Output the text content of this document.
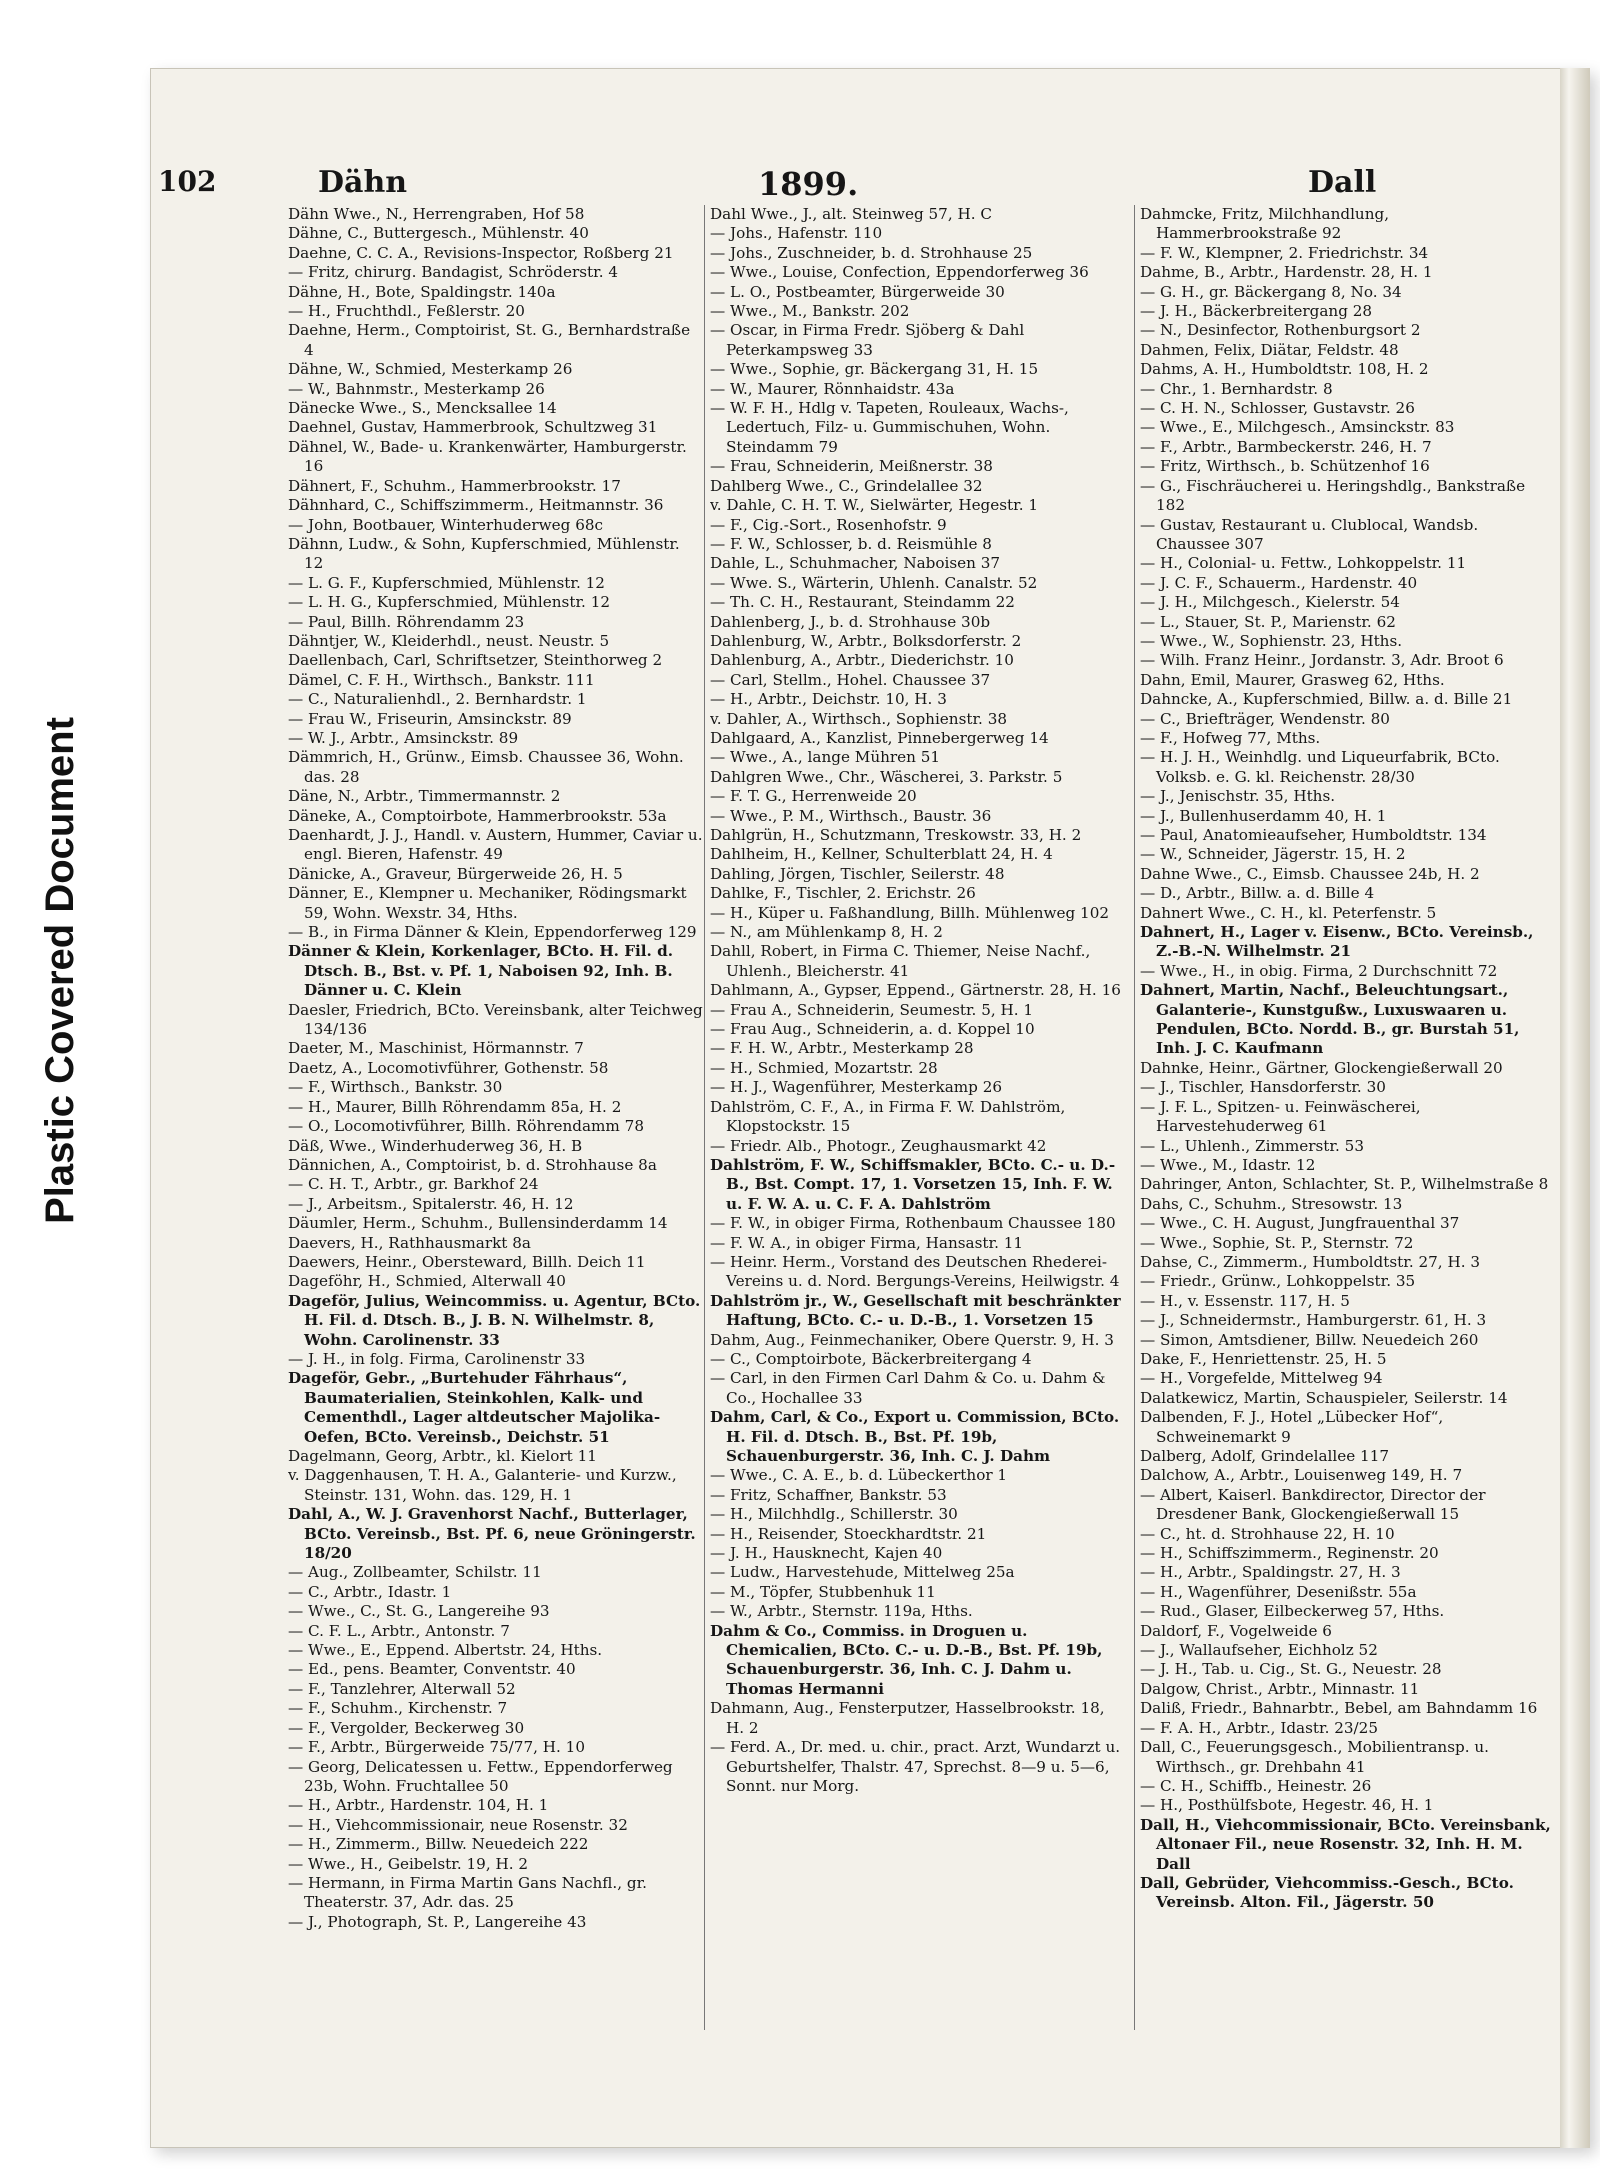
Plastic Covered Document
102	Dähn	1899.	Dall

Dähn Wwe., N., Herrengraben, Hof 58

Dähne, C., Buttergesch., Mühlenstr. 40

Daehne, C. C. A., Revisions-Inspector, Roßberg 21

— Fritz, chirurg. Bandagist, Schröderstr. 4

Dähne, H., Bote, Spaldingstr. 140a

— H., Fruchthdl., Feßlerstr. 20

Daehne, Herm., Comptoirist, St. G., Bernhardstraße 4

Dähne, W., Schmied, Mesterkamp 26

— W., Bahnmstr., Mesterkamp 26

Dänecke Wwe., S., Mencksallee 14

Daehnel, Gustav, Hammerbrook, Schultzweg 31

Dähnel, W., Bade- u. Krankenwärter, Hamburgerstr. 16

Dähnert, F., Schuhm., Hammerbrookstr. 17

Dähnhard, C., Schiffszimmerm., Heitmannstr. 36

— John, Bootbauer, Winterhuderweg 68c

Dähnn, Ludw., & Sohn, Kupferschmied, Mühlenstr. 12

— L. G. F., Kupferschmied, Mühlenstr. 12

— L. H. G., Kupferschmied, Mühlenstr. 12

— Paul, Billh. Röhrendamm 23

Dähntjer, W., Kleiderhdl., neust. Neustr. 5

Daellenbach, Carl, Schriftsetzer, Steinthorweg 2

Dämel, C. F. H., Wirthsch., Bankstr. 111

— C., Naturalienhdl., 2. Bernhardstr. 1

— Frau W., Friseurin, Amsinckstr. 89

— W. J., Arbtr., Amsinckstr. 89

Dämmrich, H., Grünw., Eimsb. Chaussee 36, Wohn. das. 28

Däne, N., Arbtr., Timmermannstr. 2

Däneke, A., Comptoirbote, Hammerbrookstr. 53a

Daenhardt, J. J., Handl. v. Austern, Hummer, Caviar u. engl. Bieren, Hafenstr. 49

Dänicke, A., Graveur, Bürgerweide 26, H. 5

Dänner, E., Klempner u. Mechaniker, Rödingsmarkt 59, Wohn. Wexstr. 34, Hths.

— B., in Firma Dänner & Klein, Eppendorferweg 129

Dänner & Klein, Korkenlager, BCto. H. Fil. d. Dtsch. B., Bst. v. Pf. 1, Naboisen 92, Inh. B. Dänner u. C. Klein

Daesler, Friedrich, BCto. Vereinsbank, alter Teichweg 134/136

Daeter, M., Maschinist, Hörmannstr. 7

Daetz, A., Locomotivführer, Gothenstr. 58

— F., Wirthsch., Bankstr. 30

— H., Maurer, Billh Röhrendamm 85a, H. 2

— O., Locomotivführer, Billh. Röhrendamm 78

Däß, Wwe., Winderhuderweg 36, H. B

Dännichen, A., Comptoirist, b. d. Strohhause 8a

— C. H. T., Arbtr., gr. Barkhof 24

— J., Arbeitsm., Spitalerstr. 46, H. 12

Däumler, Herm., Schuhm., Bullensinderdamm 14

Daevers, H., Rathhausmarkt 8a

Daewers, Heinr., Obersteward, Billh. Deich 11

Dageföhr, H., Schmied, Alterwall 40

Dageför, Julius, Weincommiss. u. Agentur, BCto. H. Fil. d. Dtsch. B., J. B. N. Wilhelmstr. 8, Wohn. Carolinenstr. 33

— J. H., in folg. Firma, Carolinenstr 33

Dageför, Gebr., „Burtehuder Fährhaus“, Baumaterialien, Steinkohlen, Kalk- und Cementhdl., Lager altdeutscher Majolika-Oefen, BCto. Vereinsb., Deichstr. 51

Dagelmann, Georg, Arbtr., kl. Kielort 11

v. Daggenhausen, T. H. A., Galanterie- und Kurzw., Steinstr. 131, Wohn. das. 129, H. 1

Dahl, A., W. J. Gravenhorst Nachf., Butterlager, BCto. Vereinsb., Bst. Pf. 6, neue Gröningerstr. 18/20

— Aug., Zollbeamter, Schilstr. 11

— C., Arbtr., Idastr. 1

— Wwe., C., St. G., Langereihe 93

— C. F. L., Arbtr., Antonstr. 7

— Wwe., E., Eppend. Albertstr. 24, Hths.

— Ed., pens. Beamter, Conventstr. 40

— F., Tanzlehrer, Alterwall 52

— F., Schuhm., Kirchenstr. 7

— F., Vergolder, Beckerweg 30

— F., Arbtr., Bürgerweide 75/77, H. 10

— Georg, Delicatessen u. Fettw., Eppendorferweg 23b, Wohn. Fruchtallee 50

— H., Arbtr., Hardenstr. 104, H. 1

— H., Viehcommissionair, neue Rosenstr. 32

— H., Zimmerm., Billw. Neuedeich 222

— Wwe., H., Geibelstr. 19, H. 2

— Hermann, in Firma Martin Gans Nachfl., gr. Theaterstr. 37, Adr. das. 25

— J., Photograph, St. P., Langereihe 43

Dahl Wwe., J., alt. Steinweg 57, H. C

— Johs., Hafenstr. 110

— Johs., Zuschneider, b. d. Strohhause 25

— Wwe., Louise, Confection, Eppendorferweg 36

— L. O., Postbeamter, Bürgerweide 30

— Wwe., M., Bankstr. 202

— Oscar, in Firma Fredr. Sjöberg & Dahl Peterkampsweg 33

— Wwe., Sophie, gr. Bäckergang 31, H. 15

— W., Maurer, Rönnhaidstr. 43a

— W. F. H., Hdlg v. Tapeten, Rouleaux, Wachs-, Ledertuch, Filz- u. Gummischuhen, Wohn. Steindamm 79

— Frau, Schneiderin, Meißnerstr. 38

Dahlberg Wwe., C., Grindelallee 32

v. Dahle, C. H. T. W., Sielwärter, Hegestr. 1

— F., Cig.-Sort., Rosenhofstr. 9

— F. W., Schlosser, b. d. Reismühle 8

Dahle, L., Schuhmacher, Naboisen 37

— Wwe. S., Wärterin, Uhlenh. Canalstr. 52

— Th. C. H., Restaurant, Steindamm 22

Dahlenberg, J., b. d. Strohhause 30b

Dahlenburg, W., Arbtr., Bolksdorferstr. 2

Dahlenburg, A., Arbtr., Diederichstr. 10

— Carl, Stellm., Hohel. Chaussee 37

— H., Arbtr., Deichstr. 10, H. 3

v. Dahler, A., Wirthsch., Sophienstr. 38

Dahlgaard, A., Kanzlist, Pinnebergerweg 14

— Wwe., A., lange Mühren 51

Dahlgren Wwe., Chr., Wäscherei, 3. Parkstr. 5

— F. T. G., Herrenweide 20

— Wwe., P. M., Wirthsch., Baustr. 36

Dahlgrün, H., Schutzmann, Treskowstr. 33, H. 2

Dahlheim, H., Kellner, Schulterblatt 24, H. 4

Dahling, Jörgen, Tischler, Seilerstr. 48

Dahlke, F., Tischler, 2. Erichstr. 26

— H., Küper u. Faßhandlung, Billh. Mühlenweg 102

— N., am Mühlenkamp 8, H. 2

Dahll, Robert, in Firma C. Thiemer, Neise Nachf., Uhlenh., Bleicherstr. 41

Dahlmann, A., Gypser, Eppend., Gärtnerstr. 28, H. 16

— Frau A., Schneiderin, Seumestr. 5, H. 1

— Frau Aug., Schneiderin, a. d. Koppel 10

— F. H. W., Arbtr., Mesterkamp 28

— H., Schmied, Mozartstr. 28

— H. J., Wagenführer, Mesterkamp 26

Dahlström, C. F., A., in Firma F. W. Dahlström, Klopstockstr. 15

— Friedr. Alb., Photogr., Zeughausmarkt 42

Dahlström, F. W., Schiffsmakler, BCto. C.- u. D.-B., Bst. Compt. 17, 1. Vorsetzen 15, Inh. F. W. u. F. W. A. u. C. F. A. Dahlström

— F. W., in obiger Firma, Rothenbaum Chaussee 180

— F. W. A., in obiger Firma, Hansastr. 11

— Heinr. Herm., Vorstand des Deutschen Rhederei-Vereins u. d. Nord. Bergungs-Vereins, Heilwigstr. 4

Dahlström jr., W., Gesellschaft mit beschränkter Haftung, BCto. C.- u. D.-B., 1. Vorsetzen 15

Dahm, Aug., Feinmechaniker, Obere Querstr. 9, H. 3

— C., Comptoirbote, Bäckerbreitergang 4

— Carl, in den Firmen Carl Dahm & Co. u. Dahm & Co., Hochallee 33

Dahm, Carl, & Co., Export u. Commission, BCto. H. Fil. d. Dtsch. B., Bst. Pf. 19b, Schauenburgerstr. 36, Inh. C. J. Dahm

— Wwe., C. A. E., b. d. Lübeckerthor 1

— Fritz, Schaffner, Bankstr. 53

— H., Milchhdlg., Schillerstr. 30

— H., Reisender, Stoeckhardtstr. 21

— J. H., Hausknecht, Kajen 40

— Ludw., Harvestehude, Mittelweg 25a

— M., Töpfer, Stubbenhuk 11

— W., Arbtr., Sternstr. 119a, Hths.

Dahm & Co., Commiss. in Droguen u. Chemicalien, BCto. C.- u. D.-B., Bst. Pf. 19b, Schauenburgerstr. 36, Inh. C. J. Dahm u. Thomas Hermanni

Dahmann, Aug., Fensterputzer, Hasselbrookstr. 18, H. 2

— Ferd. A., Dr. med. u. chir., pract. Arzt, Wundarzt u. Geburtshelfer, Thalstr. 47, Sprechst. 8—9 u. 5—6, Sonnt. nur Morg.

Dahmcke, Fritz, Milchhandlung, Hammerbrookstraße 92

— F. W., Klempner, 2. Friedrichstr. 34

Dahme, B., Arbtr., Hardenstr. 28, H. 1

— G. H., gr. Bäckergang 8, No. 34

— J. H., Bäckerbreitergang 28

— N., Desinfector, Rothenburgsort 2

Dahmen, Felix, Diätar, Feldstr. 48

Dahms, A. H., Humboldtstr. 108, H. 2

— Chr., 1. Bernhardstr. 8

— C. H. N., Schlosser, Gustavstr. 26

— Wwe., E., Milchgesch., Amsinckstr. 83

— F., Arbtr., Barmbeckerstr. 246, H. 7

— Fritz, Wirthsch., b. Schützenhof 16

— G., Fischräucherei u. Heringshdlg., Bankstraße 182

— Gustav, Restaurant u. Clublocal, Wandsb. Chaussee 307

— H., Colonial- u. Fettw., Lohkoppelstr. 11

— J. C. F., Schauerm., Hardenstr. 40

— J. H., Milchgesch., Kielerstr. 54

— L., Stauer, St. P., Marienstr. 62

— Wwe., W., Sophienstr. 23, Hths.

— Wilh. Franz Heinr., Jordanstr. 3, Adr. Broot 6

Dahn, Emil, Maurer, Grasweg 62, Hths.

Dahncke, A., Kupferschmied, Billw. a. d. Bille 21

— C., Briefträger, Wendenstr. 80

— F., Hofweg 77, Mths.

— H. J. H., Weinhdlg. und Liqueurfabrik, BCto. Volksb. e. G. kl. Reichenstr. 28/30

— J., Jenischstr. 35, Hths.

— J., Bullenhuserdamm 40, H. 1

— Paul, Anatomieaufseher, Humboldtstr. 134

— W., Schneider, Jägerstr. 15, H. 2

Dahne Wwe., C., Eimsb. Chaussee 24b, H. 2

— D., Arbtr., Billw. a. d. Bille 4

Dahnert Wwe., C. H., kl. Peterfenstr. 5

Dahnert, H., Lager v. Eisenw., BCto. Vereinsb., Z.-B.-N. Wilhelmstr. 21

— Wwe., H., in obig. Firma, 2 Durchschnitt 72

Dahnert, Martin, Nachf., Beleuchtungsart., Galanterie-, Kunstgußw., Luxuswaaren u. Pendulen, BCto. Nordd. B., gr. Burstah 51, Inh. J. C. Kaufmann

Dahnke, Heinr., Gärtner, Glockengießerwall 20

— J., Tischler, Hansdorferstr. 30

— J. F. L., Spitzen- u. Feinwäscherei, Harvestehuderweg 61

— L., Uhlenh., Zimmerstr. 53

— Wwe., M., Idastr. 12

Dahringer, Anton, Schlachter, St. P., Wilhelmstraße 8

Dahs, C., Schuhm., Stresowstr. 13

— Wwe., C. H. August, Jungfrauenthal 37

— Wwe., Sophie, St. P., Sternstr. 72

Dahse, C., Zimmerm., Humboldtstr. 27, H. 3

— Friedr., Grünw., Lohkoppelstr. 35

— H., v. Essenstr. 117, H. 5

— J., Schneidermstr., Hamburgerstr. 61, H. 3

— Simon, Amtsdiener, Billw. Neuedeich 260

Dake, F., Henriettenstr. 25, H. 5

— H., Vorgefelde, Mittelweg 94

Dalatkewicz, Martin, Schauspieler, Seilerstr. 14

Dalbenden, F. J., Hotel „Lübecker Hof“, Schweinemarkt 9

Dalberg, Adolf, Grindelallee 117

Dalchow, A., Arbtr., Louisenweg 149, H. 7

— Albert, Kaiserl. Bankdirector, Director der Dresdener Bank, Glockengießerwall 15

— C., ht. d. Strohhause 22, H. 10

— H., Schiffszimmerm., Reginenstr. 20

— H., Arbtr., Spaldingstr. 27, H. 3

— H., Wagenführer, Desenißstr. 55a

— Rud., Glaser, Eilbeckerweg 57, Hths.

Daldorf, F., Vogelweide 6

— J., Wallaufseher, Eichholz 52

— J. H., Tab. u. Cig., St. G., Neuestr. 28

Dalgow, Christ., Arbtr., Minnastr. 11

Daliß, Friedr., Bahnarbtr., Bebel, am Bahndamm 16

— F. A. H., Arbtr., Idastr. 23/25

Dall, C., Feuerungsgesch., Mobilientransp. u. Wirthsch., gr. Drehbahn 41

— C. H., Schiffb., Heinestr. 26

— H., Posthülfsbote, Hegestr. 46, H. 1

Dall, H., Viehcommissionair, BCto. Vereinsbank, Altonaer Fil., neue Rosenstr. 32, Inh. H. M. Dall

Dall, Gebrüder, Viehcommiss.-Gesch., BCto. Vereinsb. Alton. Fil., Jägerstr. 50
